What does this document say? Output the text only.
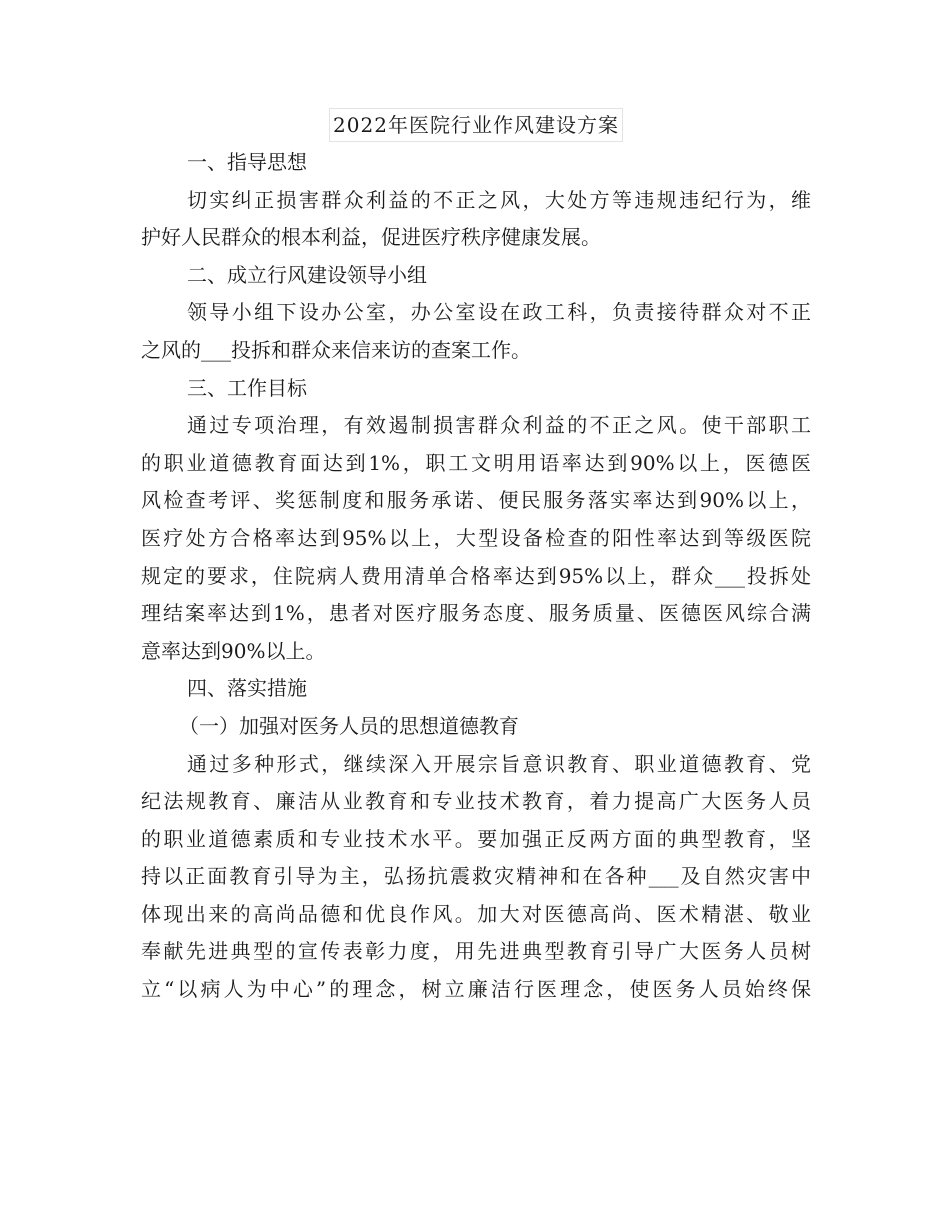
2022年医院行业作风建设方案
一、指导思想
切实纠正损害群众利益的不正之风，大处方等违规违纪行为，维
护好人民群众的根本利益，促进医疗秩序健康发展。
二、成立行风建设领导小组
领导小组下设办公室，办公室设在政工科，负责接待群众对不正
之风的___投拆和群众来信来访的查案工作。
三、工作目标
通过专项治理，有效遏制损害群众利益的不正之风。使干部职工
的职业道德教育面达到1%，职工文明用语率达到90%以上，医德医
风检查考评、奖惩制度和服务承诺、便民服务落实率达到90%以上，
医疗处方合格率达到95%以上，大型设备检查的阳性率达到等级医院
规定的要求，住院病人费用清单合格率达到95%以上，群众___投拆处
理结案率达到1%，患者对医疗服务态度、服务质量、医德医风综合满
意率达到90%以上。
四、落实措施
（一）加强对医务人员的思想道德教育
通过多种形式，继续深入开展宗旨意识教育、职业道德教育、党
纪法规教育、廉洁从业教育和专业技术教育，着力提高广大医务人员
的职业道德素质和专业技术水平。要加强正反两方面的典型教育，坚
持以正面教育引导为主，弘扬抗震救灾精神和在各种___及自然灾害中
体现出来的高尚品德和优良作风。加大对医德高尚、医术精湛、敬业
奉献先进典型的宣传表彰力度，用先进典型教育引导广大医务人员树
立“以病人为中心”的理念，树立廉洁行医理念，使医务人员始终保
